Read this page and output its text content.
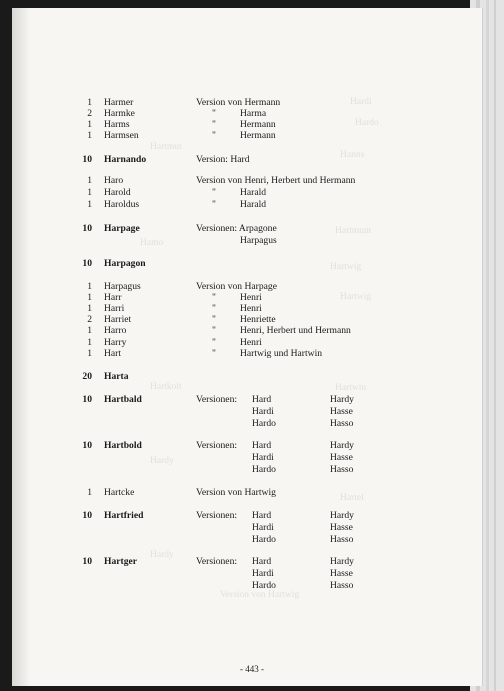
Hardi
Hardo
Hanns
Hartmut
Hartmunt
Hamo
Hartwig
Hartwig
Hartkolt	Hartwin
Hardy
Hartel
Hardy
Version von Hartwig
1 Harmer	Version von Hermann
2 Harmke	"	Harma
1 Harms	"	Hermann
1 Harmsen	"	Hermann
10 Harnando	Version: Hard
1 Haro	Version von Henri, Herbert und Hermann
1 Harold	"	Harald
1 Haroldus	"	Harald
10 Harpage	Versionen: Arpagone
Harpagus
10 Harpagon
1 Harpagus	Version von Harpage
1 Harr	"	Henri
1 Harri	"	Henri
2 Harriet	"	Henriette
1 Harro	"	Henri, Herbert und Hermann
1 Harry	"	Henri
1 Hart	"	Hartwig und Hartwin
20 Harta
10 Hartbald	Versionen: Hard	Hardy
Hardi	Hasse
Hardo	Hasso
10 Hartbold	Versionen: Hard	Hardy
Hardi	Hasse
Hardo	Hasso
1 Hartcke	Version von Hartwig
10 Hartfried	Versionen: Hard	Hardy
Hardi	Hasse
Hardo	Hasso
10 Hartger	Versionen: Hard	Hardy
Hardi	Hasse
Hardo	Hasso
- 443 -
